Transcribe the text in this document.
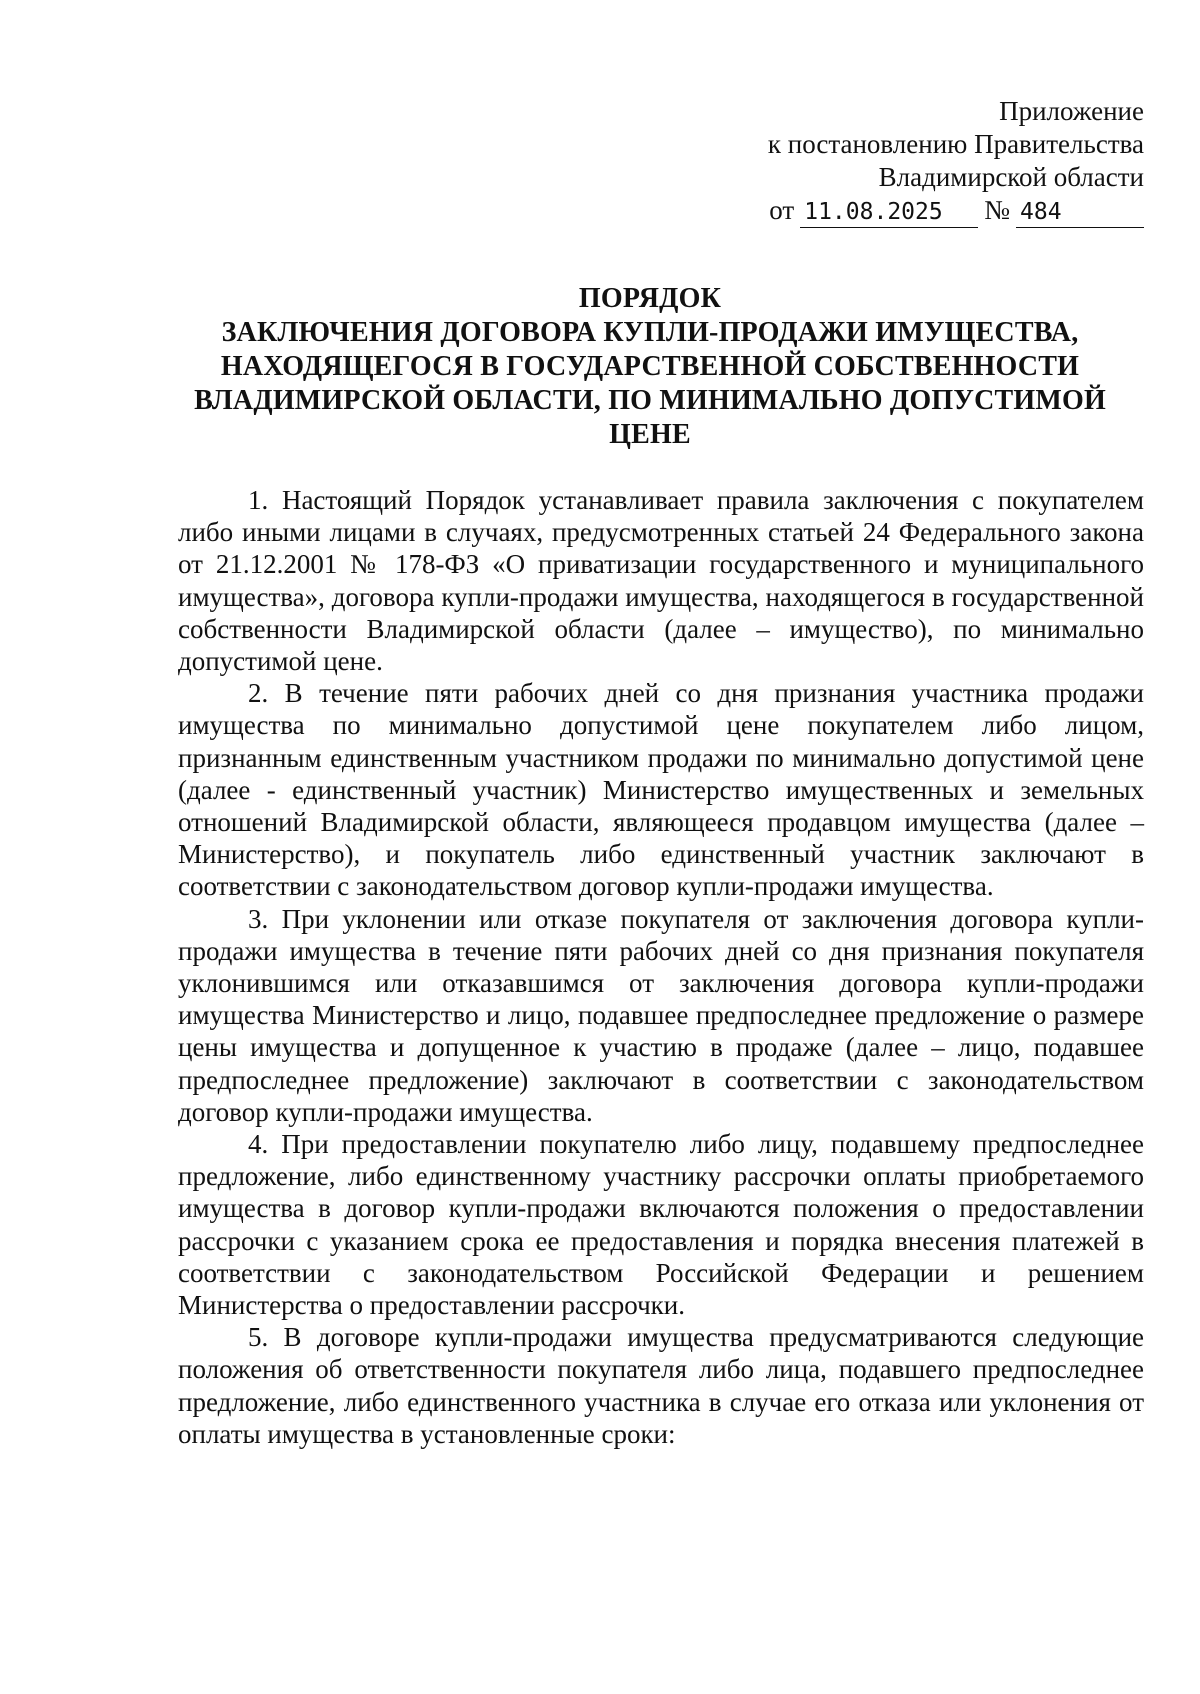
Приложение
к постановлению Правительства
Владимирской области
от 11.08.2025 № 484
ПОРЯДОК
ЗАКЛЮЧЕНИЯ ДОГОВОРА КУПЛИ-ПРОДАЖИ ИМУЩЕСТВА,
НАХОДЯЩЕГОСЯ В ГОСУДАРСТВЕННОЙ СОБСТВЕННОСТИ
ВЛАДИМИРСКОЙ ОБЛАСТИ, ПО МИНИМАЛЬНО ДОПУСТИМОЙ
ЦЕНЕ

1. Настоящий Порядок устанавливает правила заключения с покупателем либо иными лицами в случаях, предусмотренных статьей 24 Федерального закона от 21.12.2001 № 178-ФЗ «О приватизации государственного и муниципального имущества», договора купли-продажи имущества, находящегося в государственной собственности Владимирской области (далее – имущество), по минимально допустимой цене.

2. В течение пяти рабочих дней со дня признания участника продажи имущества по минимально допустимой цене покупателем либо лицом, признанным единственным участником продажи по минимально допустимой цене (далее - единственный участник) Министерство имущественных и земельных отношений Владимирской области, являющееся продавцом имущества (далее – Министерство), и покупатель либо единственный участник заключают в соответствии с законодательством договор купли-продажи имущества.

3. При уклонении или отказе покупателя от заключения договора купли-продажи имущества в течение пяти рабочих дней со дня признания покупателя уклонившимся или отказавшимся от заключения договора купли-продажи имущества Министерство и лицо, подавшее предпоследнее предложение о размере цены имущества и допущенное к участию в продаже (далее – лицо, подавшее предпоследнее предложение) заключают в соответствии с законодательством договор купли-продажи имущества.

4. При предоставлении покупателю либо лицу, подавшему предпоследнее предложение, либо единственному участнику рассрочки оплаты приобретаемого имущества в договор купли-продажи включаются положения о предоставлении рассрочки с указанием срока ее предоставления и порядка внесения платежей в соответствии с законодательством Российской Федерации и решением Министерства о предоставлении рассрочки.

5. В договоре купли-продажи имущества предусматриваются следующие положения об ответственности покупателя либо лица, подавшего предпоследнее предложение, либо единственного участника в случае его отказа или уклонения от оплаты имущества в установленные сроки:
